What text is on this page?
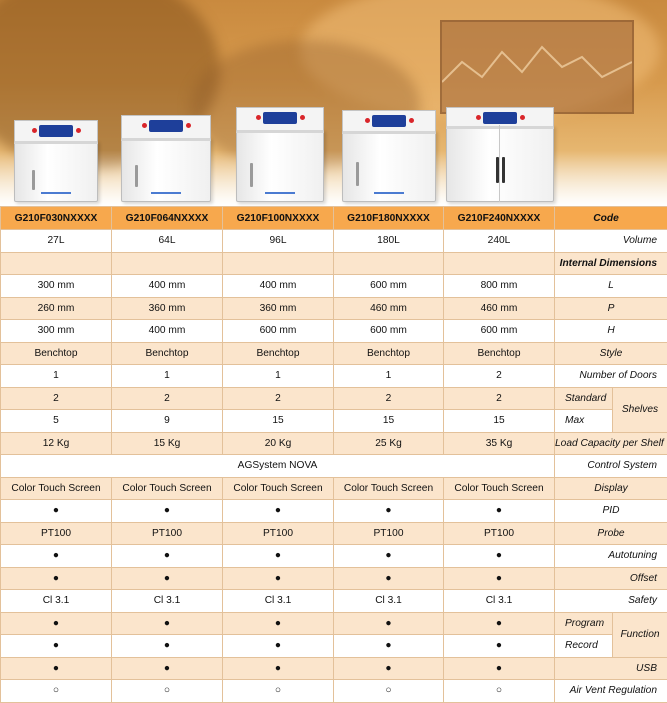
G210F030NXXXX	G210F064NXXXX	G210F100NXXXX	G210F180NXXXX	G210F240NXXXX	Code	
27L	64L	96L	180L	240L	Volume	
					Internal Dimensions	
300 mm	400 mm	400 mm	600 mm	800 mm	L	
260 mm	360 mm	360 mm	460 mm	460 mm	P	
300 mm	400 mm	600 mm	600 mm	600 mm	H	
Benchtop	Benchtop	Benchtop	Benchtop	Benchtop	Style	
1	1	1	1	2	Number of Doors	
2	2	2	2	2	Standard	Shelves
5	9	15	15	15	Max	
12 Kg	15 Kg	20 Kg	25 Kg	35 Kg	Load Capacity per Shelf	
AGSystem NOVA					Control System	
Color Touch Screen	Color Touch Screen	Color Touch Screen	Color Touch Screen	Color Touch Screen	Display	
●	●	●	●	●	PID	
PT100	PT100	PT100	PT100	PT100	Probe	
●	●	●	●	●	Autotuning	
●	●	●	●	●	Offset	
Cl 3.1	Cl 3.1	Cl 3.1	Cl 3.1	Cl 3.1	Safety	
●	●	●	●	●	Program	Function
●	●	●	●	●	Record	
●	●	●	●	●	USB	
○	○	○	○	○	Air Vent Regulation	
